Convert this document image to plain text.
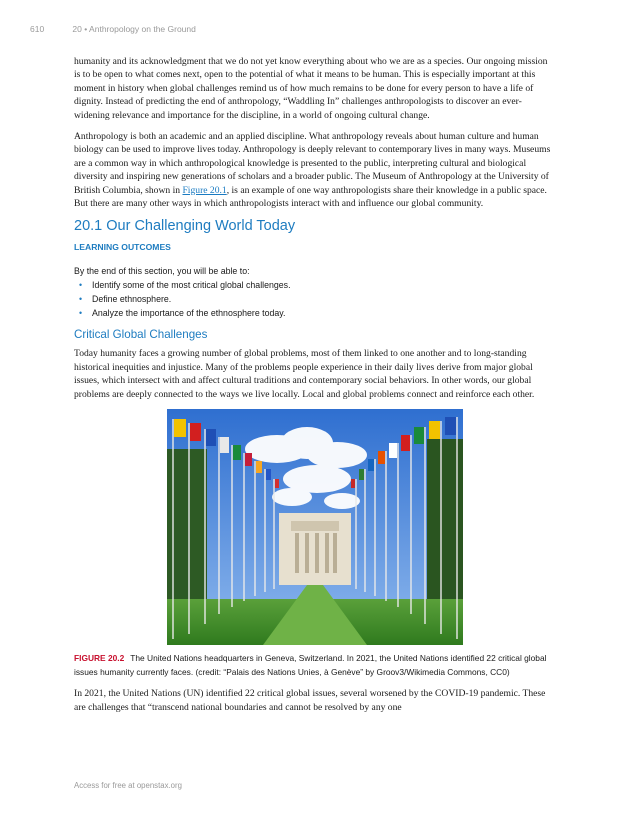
610	20 • Anthropology on the Ground

humanity and its acknowledgment that we do not yet know everything about who we are as a species. Our ongoing mission is to be open to what comes next, open to the potential of what it means to be human. This is especially important at this moment in history when global challenges remind us of how much remains to be done for every person to have a life of dignity. Instead of predicting the end of anthropology, “Waddling In” challenges anthropologists to discover an ever-widening relevance and importance for the discipline, in a world of ongoing cultural change.

Anthropology is both an academic and an applied discipline. What anthropology reveals about human culture and human biology can be used to improve lives today. Anthropology is deeply relevant to contemporary lives in many ways. Museums are a common way in which anthropological knowledge is presented to the public, interpreting cultural and biological diversity and inspiring new generations of scholars and a broader public. The Museum of Anthropology at the University of British Columbia, shown in Figure 20.1, is an example of one way anthropologists share their knowledge in a public space. But there are many other ways in which anthropologists interact with and influence our global community.

20.1 Our Challenging World Today
LEARNING OUTCOMES

By the end of this section, you will be able to:

• Identify some of the most critical global challenges.
• Define ethnosphere.
• Analyze the importance of the ethnosphere today.
Critical Global Challenges

Today humanity faces a growing number of global problems, most of them linked to one another and to long-standing historical inequities and injustice. Many of the problems people experience in their daily lives derive from major global issues, which intersect with and affect cultural traditions and contemporary social behaviors. In other words, our global problems are deeply connected to the ways we live locally. Local and global problems connect and reinforce each other.

FIGURE 20.2 The United Nations headquarters in Geneva, Switzerland. In 2021, the United Nations identified 22 critical global issues humanity currently faces. (credit: “Palais des Nations Unies, à Genève” by Groov3/Wikimedia Commons, CC0)

In 2021, the United Nations (UN) identified 22 critical global issues, several worsened by the COVID-19 pandemic. These are challenges that “transcend national boundaries and cannot be resolved by any one

Access for free at openstax.org
